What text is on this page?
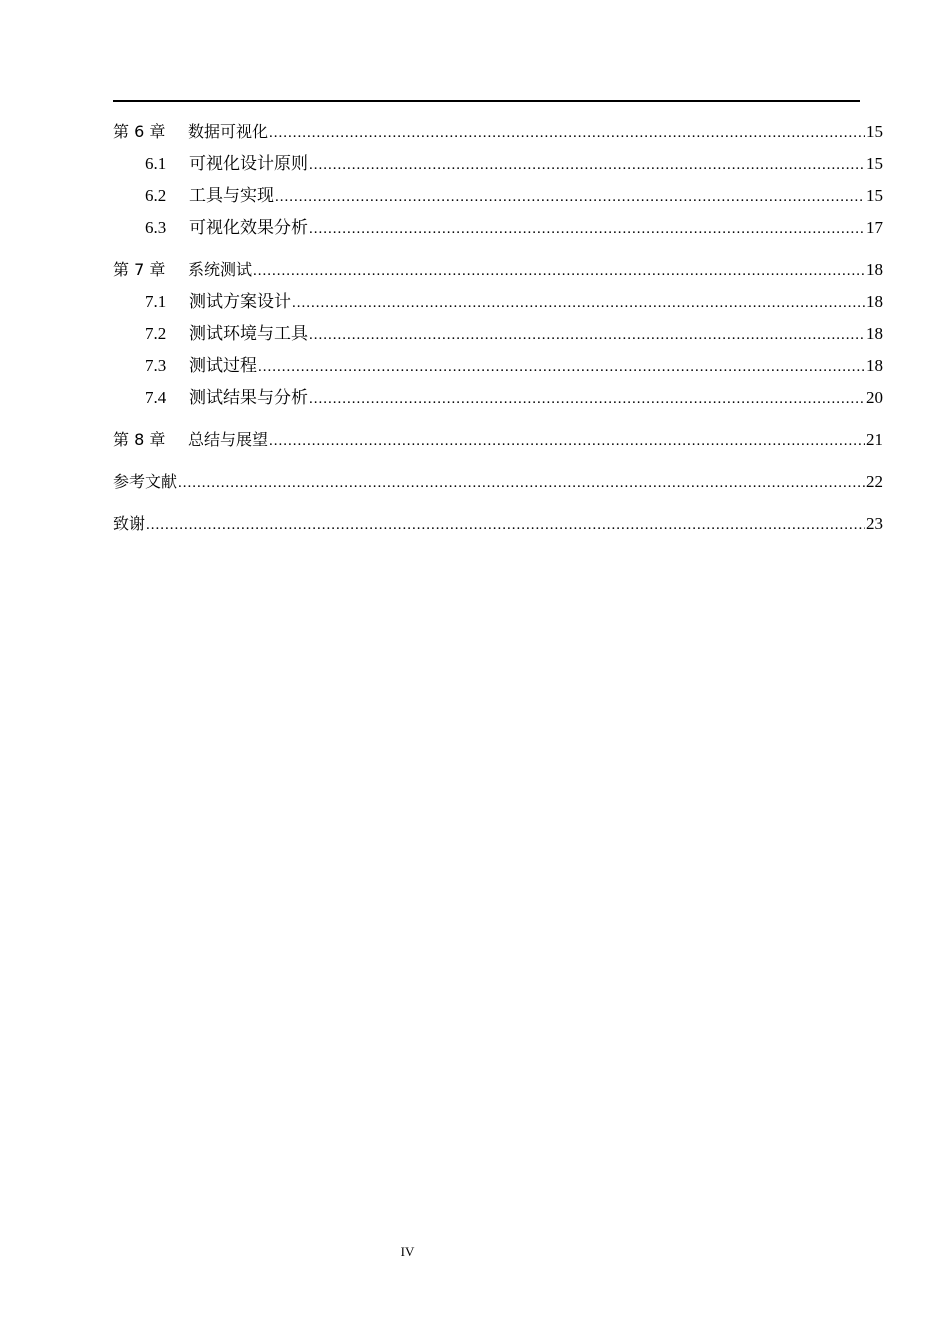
第 6 章	数据可视化 .....	15
6.1	可视化设计原则 .....	15
6.2	工具与实现 .....	15
6.3	可视化效果分析 .....	17
第 7 章	系统测试 .....	18
7.1	测试方案设计 .....	18
7.2	测试环境与工具 .....	18
7.3	测试过程 .....	18
7.4	测试结果与分析 .....	20
第 8 章	总结与展望 .....	21
参考文献 .....	22
致谢 .....	23
IV
